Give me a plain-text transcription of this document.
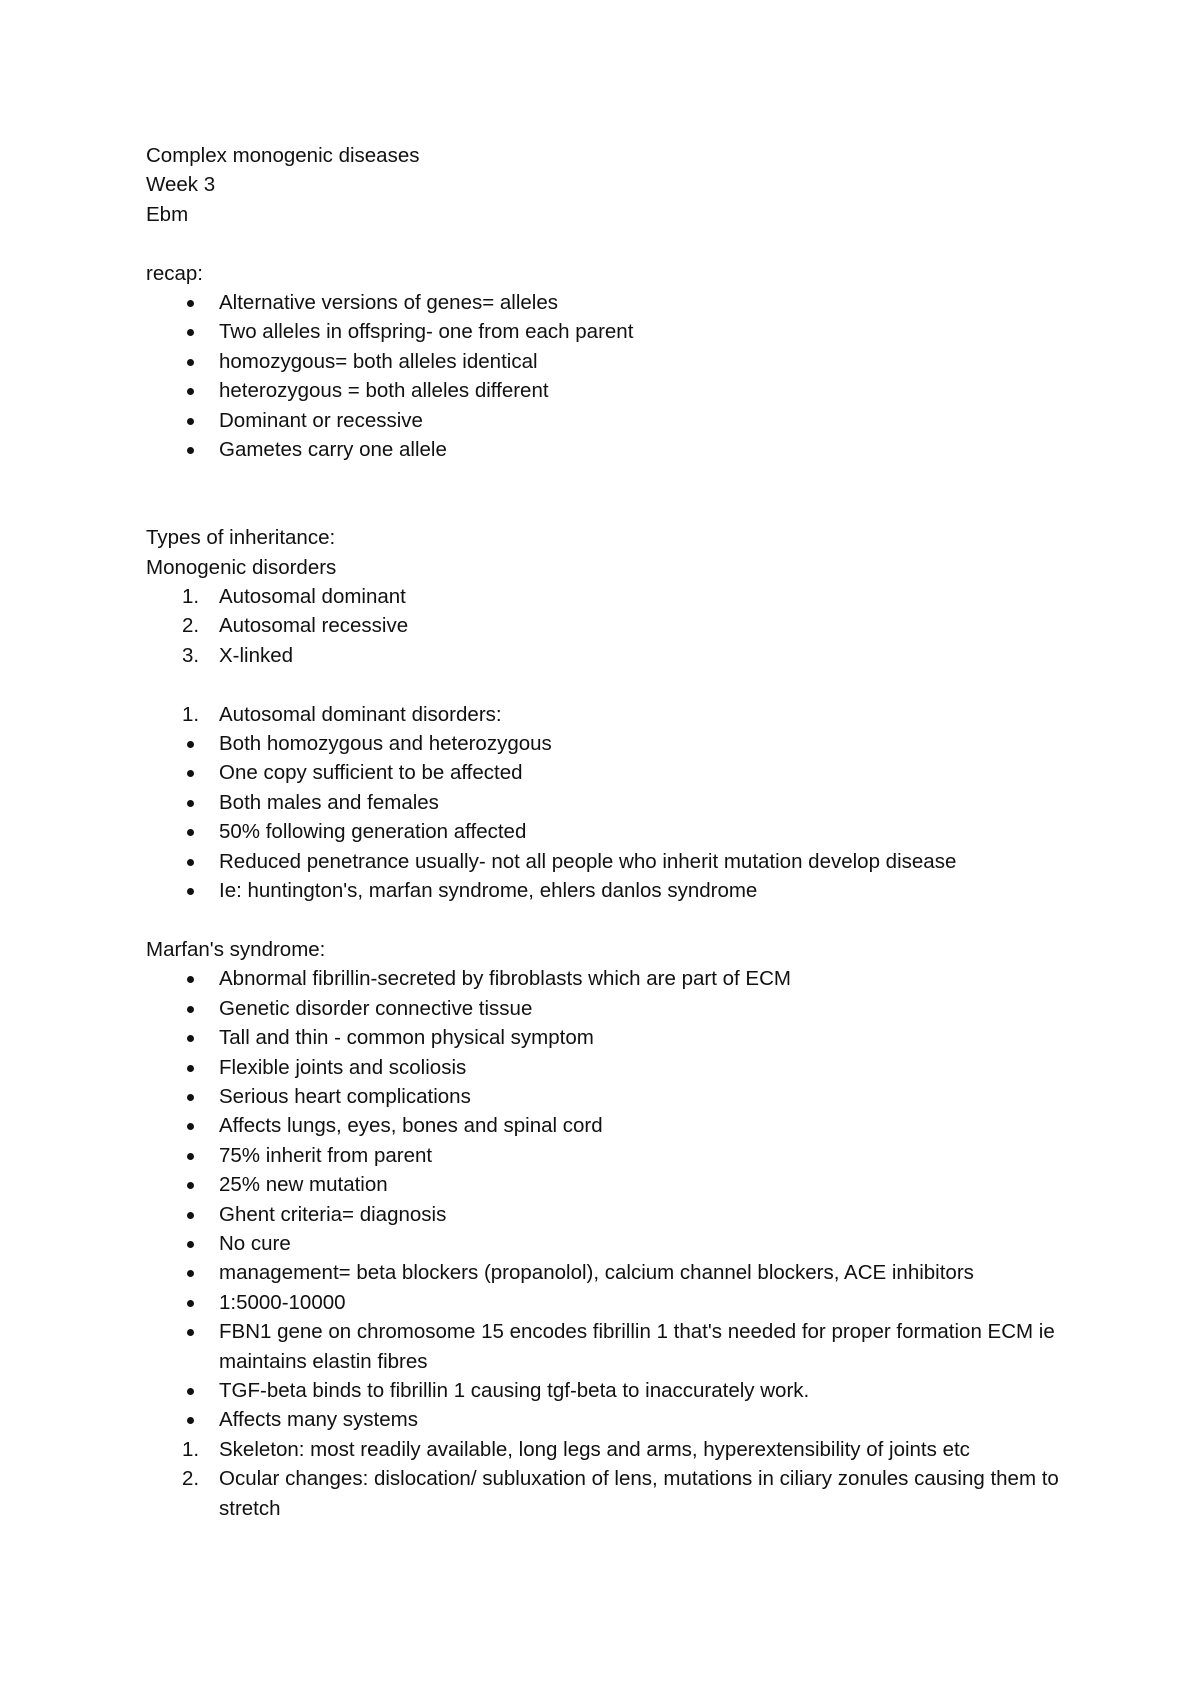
Complex monogenic diseases
Week 3
Ebm
recap:
Alternative versions of genes= alleles
Two alleles in offspring- one from each parent
homozygous= both alleles identical
heterozygous = both alleles different
Dominant or recessive
Gametes carry one allele
Types of inheritance:
Monogenic disorders
1. Autosomal dominant
2. Autosomal recessive
3. X-linked
1. Autosomal dominant disorders:
Both homozygous and heterozygous
One copy sufficient to be affected
Both males and females
50% following generation affected
Reduced penetrance usually- not all people who inherit mutation develop disease
Ie: huntington's, marfan syndrome, ehlers danlos syndrome
Marfan's syndrome:
Abnormal fibrillin-secreted by fibroblasts which are part of ECM
Genetic disorder connective tissue
Tall and thin - common physical symptom
Flexible joints and scoliosis
Serious heart complications
Affects lungs, eyes, bones and spinal cord
75% inherit from parent
25% new mutation
Ghent criteria= diagnosis
No cure
management= beta blockers (propanolol), calcium channel blockers, ACE inhibitors
1:5000-10000
FBN1 gene on chromosome 15 encodes fibrillin 1 that's needed for proper formation ECM ie maintains elastin fibres
TGF-beta binds to fibrillin 1 causing tgf-beta to inaccurately work.
Affects many systems
1. Skeleton: most readily available, long legs and arms, hyperextensibility of joints etc
2. Ocular changes: dislocation/ subluxation of lens, mutations in ciliary zonules causing them to stretch
